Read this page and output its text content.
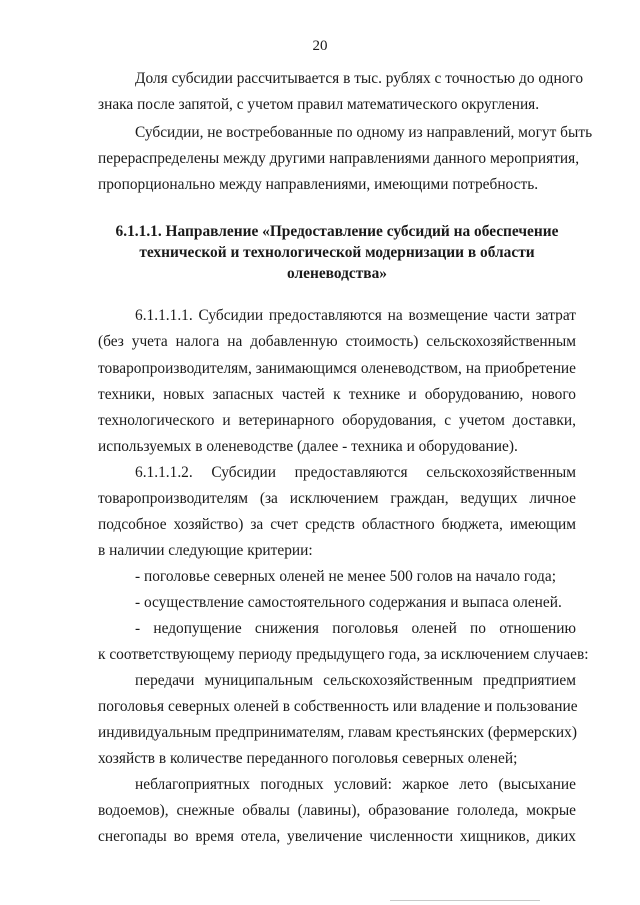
20
Доля субсидии рассчитывается в тыс. рублях с точностью до одного
знака после запятой, с учетом правил математического округления.
Субсидии, не востребованные по одному из направлений, могут быть
перераспределены между другими направлениями данного мероприятия,
пропорционально между направлениями, имеющими потребность.
6.1.1.1. Направление «Предоставление субсидий на обеспечение
технической и технологической модернизации в области
оленеводства»
6.1.1.1.1. Субсидии предоставляются на возмещение части затрат
(без учета налога на добавленную стоимость) сельскохозяйственным
товаропроизводителям, занимающимся оленеводством, на приобретение
техники, новых запасных частей к технике и оборудованию, нового
технологического и ветеринарного оборудования, с учетом доставки,
используемых в оленеводстве (далее - техника и оборудование).
6.1.1.1.2. Субсидии предоставляются сельскохозяйственным
товаропроизводителям (за исключением граждан, ведущих личное
подсобное хозяйство) за счет средств областного бюджета, имеющим
в наличии следующие критерии:
- поголовье северных оленей не менее 500 голов на начало года;
- осуществление самостоятельного содержания и выпаса оленей.
- недопущение снижения поголовья оленей по отношению
к соответствующему периоду предыдущего года, за исключением случаев:
передачи муниципальным сельскохозяйственным предприятием
поголовья северных оленей в собственность или владение и пользование
индивидуальным предпринимателям, главам крестьянских (фермерских)
хозяйств в количестве переданного поголовья северных оленей;
неблагоприятных погодных условий: жаркое лето (высыхание
водоемов), снежные обвалы (лавины), образование гололеда, мокрые
снегопады во время отела, увеличение численности хищников, диких
